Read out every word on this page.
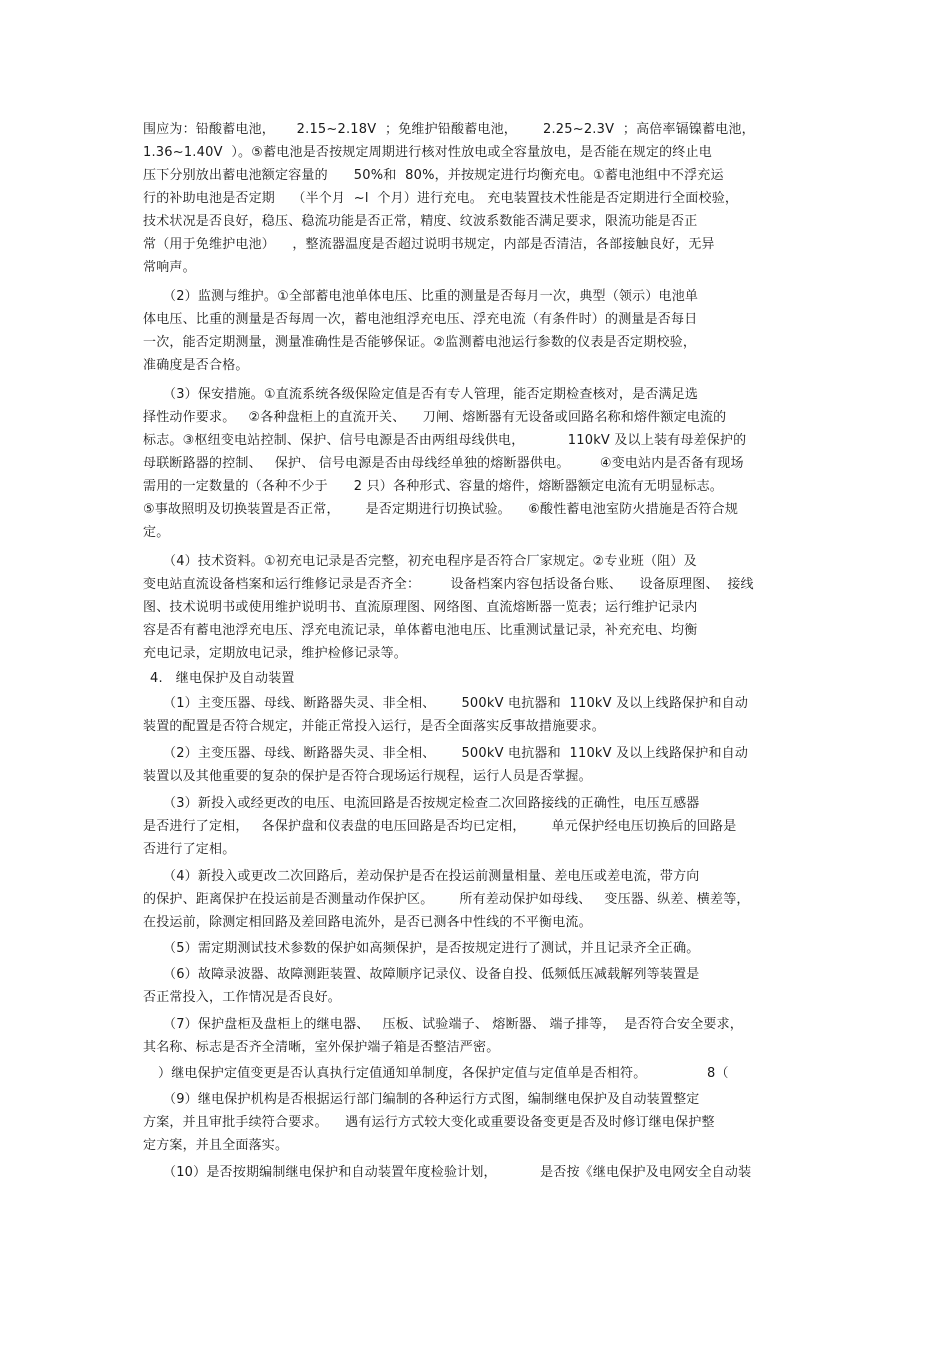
围应为：铅酸蓄电池，     2.15~2.18V  ；免维护铅酸蓄电池，      2.25~2.3V  ；高倍率镉镍蓄电池，
1.36~1.40V  ）。⑤蓄电池是否按规定周期进行核对性放电或全容量放电，是否能在规定的终止电
压下分别放出蓄电池额定容量的      50%和  80%，并按规定进行均衡充电。①蓄电池组中不浮充运
行的补助电池是否定期    （半个月  ~l  个月）进行充电。 充电装置技术性能是否定期进行全面校验，
技术状况是否良好，稳压、稳流功能是否正常，精度、纹波系数能否满足要求，限流功能是否正
常（用于免维护电池）    ，整流器温度是否超过说明书规定，内部是否清洁，各部接触良好，无异
常响声。
（2）监测与维护。①全部蓄电池单体电压、比重的测量是否每月一次，典型（领示）电池单
体电压、比重的测量是否每周一次，蓄电池组浮充电压、浮充电流（有条件时）的测量是否每日
一次，能否定期测量，测量准确性是否能够保证。②监测蓄电池运行参数的仪表是否定期校验，
准确度是否合格。
（3）保安措施。①直流系统各级保险定值是否有专人管理，能否定期检查核对，是否满足选
择性动作要求。   ②各种盘柜上的直流开关、    刀闸、熔断器有无设备或回路名称和熔件额定电流的
标志。③枢纽变电站控制、保护、信号电源是否由两组母线供电，          110kV 及以上装有母差保护的
母联断路器的控制、   保护、 信号电源是否由母线经单独的熔断器供电。       ④变电站内是否备有现场
需用的一定数量的（各种不少于      2 只）各种形式、容量的熔件，熔断器额定电流有无明显标志。
⑤事故照明及切换装置是否正常，      是否定期进行切换试验。    ⑥酸性蓄电池室防火措施是否符合规
定。
（4）技术资料。①初充电记录是否完整，初充电程序是否符合厂家规定。②专业班（阻）及
变电站直流设备档案和运行维修记录是否齐全：       设备档案内容包括设备台账、    设备原理图、  接线
图、技术说明书或使用维护说明书、直流原理图、网络图、直流熔断器一览表；运行维护记录内
容是否有蓄电池浮充电压、浮充电流记录，单体蓄电池电压、比重测试量记录，补充充电、均衡
充电记录，定期放电记录，维护检修记录等。
4.   继电保护及自动装置
（1）主变压器、母线、断路器失灵、非全相、      500kV 电抗器和  110kV 及以上线路保护和自动
装置的配置是否符合规定，并能正常投入运行，是否全面落实反事故措施要求。
（2）主变压器、母线、断路器失灵、非全相、      500kV 电抗器和  110kV 及以上线路保护和自动
装置以及其他重要的复杂的保护是否符合现场运行规程，运行人员是否掌握。
（3）新投入或经更改的电压、电流回路是否按规定检查二次回路接线的正确性，电压互感器
是否进行了定相，   各保护盘和仪表盘的电压回路是否均已定相，      单元保护经电压切换后的回路是
否进行了定相。
（4）新投入或更改二次回路后，差动保护是否在投运前测量相量、差电压或差电流，带方向
的保护、距离保护在投运前是否测量动作保护区。      所有差动保护如母线、   变压器、纵差、横差等，
在投运前，除测定相回路及差回路电流外，是否已测各中性线的不平衡电流。
（5）需定期测试技术参数的保护如高频保护，是否按规定进行了测试，并且记录齐全正确。
（6）故障录波器、故障测距装置、故障顺序记录仪、设备自投、低频低压减载解列等装置是
否正常投入，工作情况是否良好。
（7）保护盘柜及盘柜上的继电器、   压板、试验端子、 熔断器、 端子排等，  是否符合安全要求，
其名称、标志是否齐全清晰，室外保护端子箱是否整洁严密。
）继电保护定值变更是否认真执行定值通知单制度，各保护定值与定值单是否相符。              8（
（9）继电保护机构是否根据运行部门编制的各种运行方式图，编制继电保护及自动装置整定
方案，并且审批手续符合要求。    遇有运行方式较大变化或重要设备变更是否及时修订继电保护整
定方案，并且全面落实。
（10）是否按期编制继电保护和自动装置年度检验计划，          是否按《继电保护及电网安全自动装
